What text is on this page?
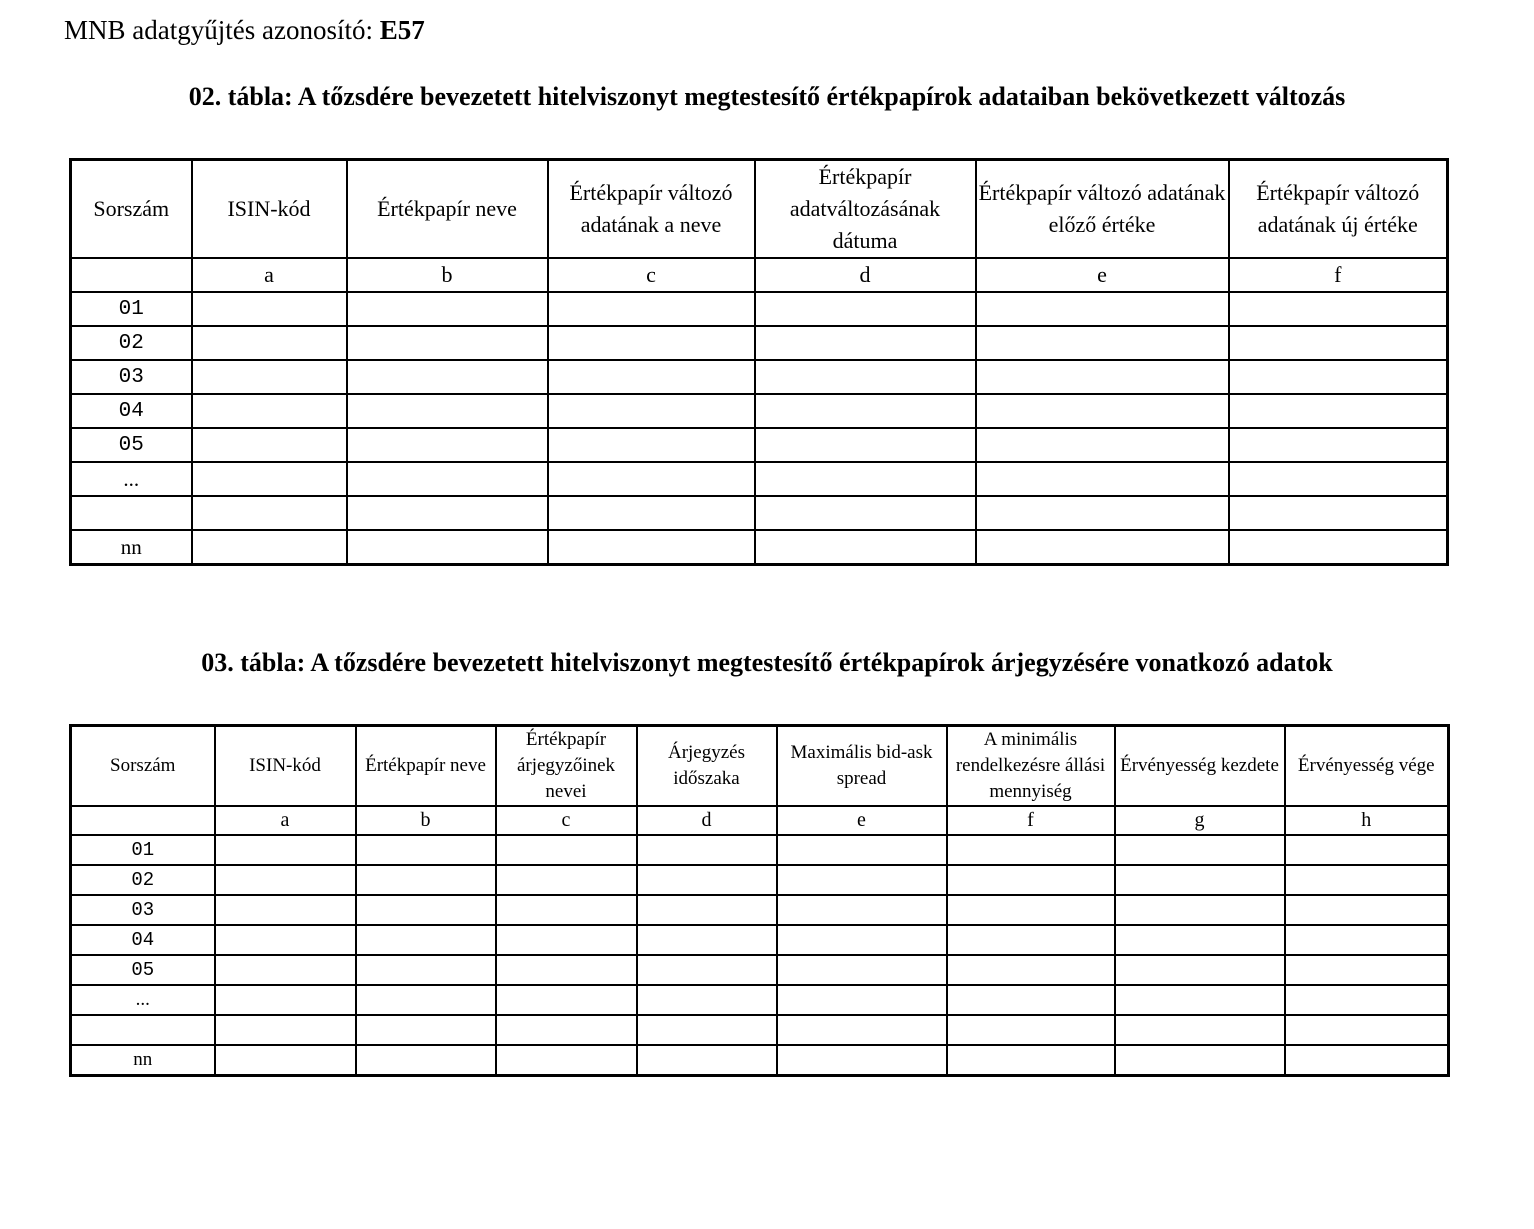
MNB adatgyűjtés azonosító: E57
02. tábla: A tőzsdére bevezetett hitelviszonyt megtestesítő értékpapírok adataiban bekövetkezett változás
Sorszám	ISIN-kód	Értékpapír neve	Értékpapír változó adatának a neve	Értékpapír adatváltozásának dátuma	Értékpapír változó adatának előző értéke	Értékpapír változó adatának új értéke
	a	b	c	d	e	f
01						
02						
03						
04						
05						
...						

nn						
03. tábla: A tőzsdére bevezetett hitelviszonyt megtestesítő értékpapírok árjegyzésére vonatkozó adatok
Sorszám	ISIN-kód	Értékpapír neve	Értékpapír árjegyzőinek nevei	Árjegyzés időszaka	Maximális bid-ask spread	A minimális rendelkezésre állási mennyiség	Érvényesség kezdete	Érvényesség vége
	a	b	c	d	e	f	g	h
01								
02								
03								
04								
05								
...								

nn								
